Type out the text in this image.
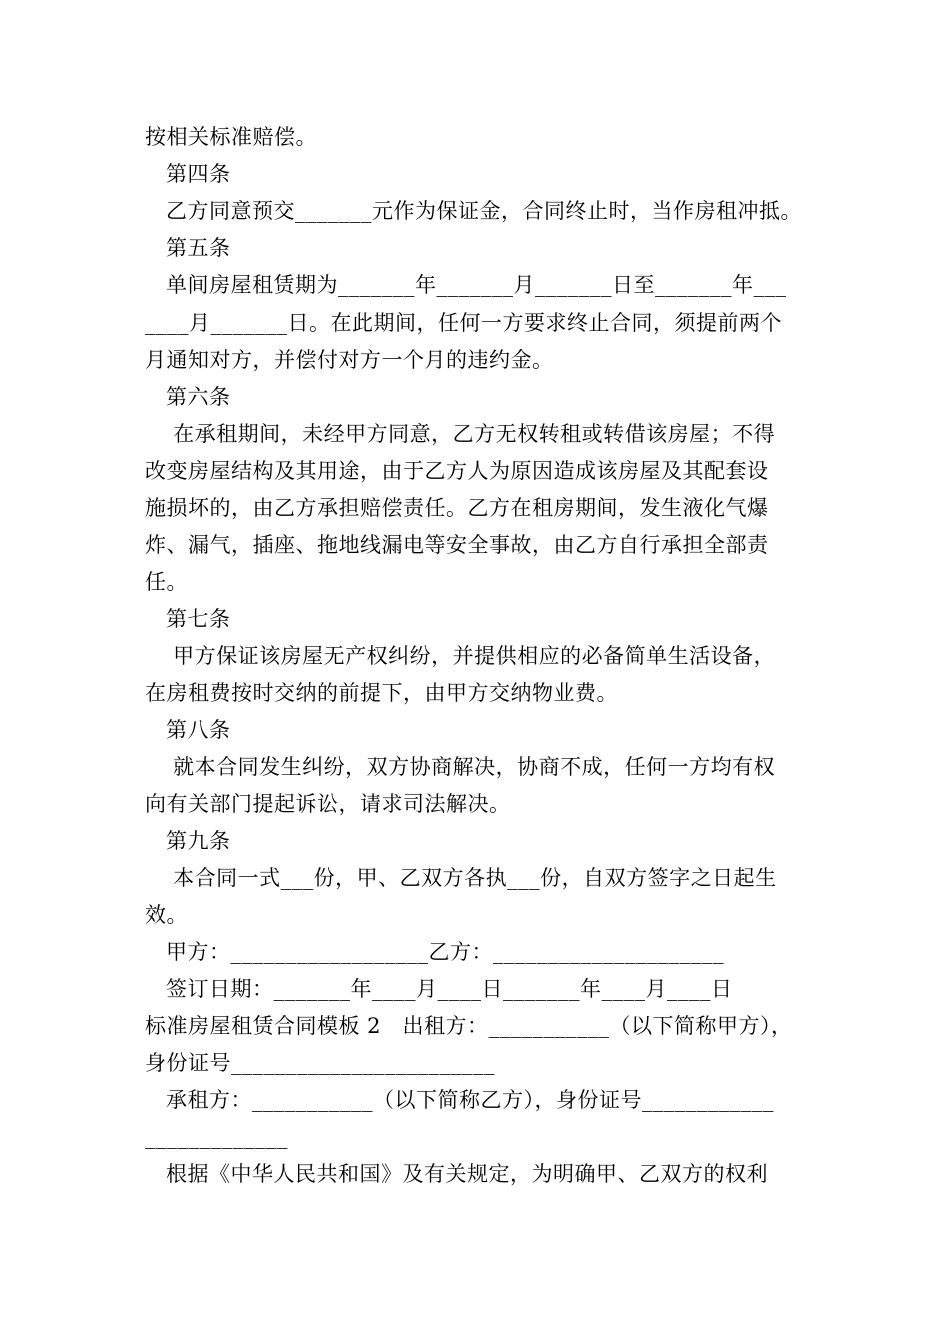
按相关标准赔偿。
第四条
乙方同意预交_______元作为保证金，合同终止时，当作房租冲抵。
第五条
单间房屋租赁期为_______年_______月_______日至_______年___
____月_______日。在此期间，任何一方要求终止合同，须提前两个
月通知对方，并偿付对方一个月的违约金。
第六条
在承租期间，未经甲方同意，乙方无权转租或转借该房屋；不得
改变房屋结构及其用途，由于乙方人为原因造成该房屋及其配套设
施损坏的，由乙方承担赔偿责任。乙方在租房期间，发生液化气爆
炸、漏气，插座、拖地线漏电等安全事故，由乙方自行承担全部责
任。
第七条
甲方保证该房屋无产权纠纷，并提供相应的必备简单生活设备，
在房租费按时交纳的前提下，由甲方交纳物业费。
第八条
就本合同发生纠纷，双方协商解决，协商不成，任何一方均有权
向有关部门提起诉讼，请求司法解决。
第九条
本合同一式___份，甲、乙双方各执___份，自双方签字之日起生
效。
甲方：__________________乙方：_____________________
签订日期：_______年____月____日_______年____月____日
标准房屋租赁合同模板 2　出租方：___________（以下简称甲方），
身份证号________________________
承租方：___________（以下简称乙方），身份证号____________
_____________
根据《中华人民共和国》及有关规定，为明确甲、乙双方的权利
